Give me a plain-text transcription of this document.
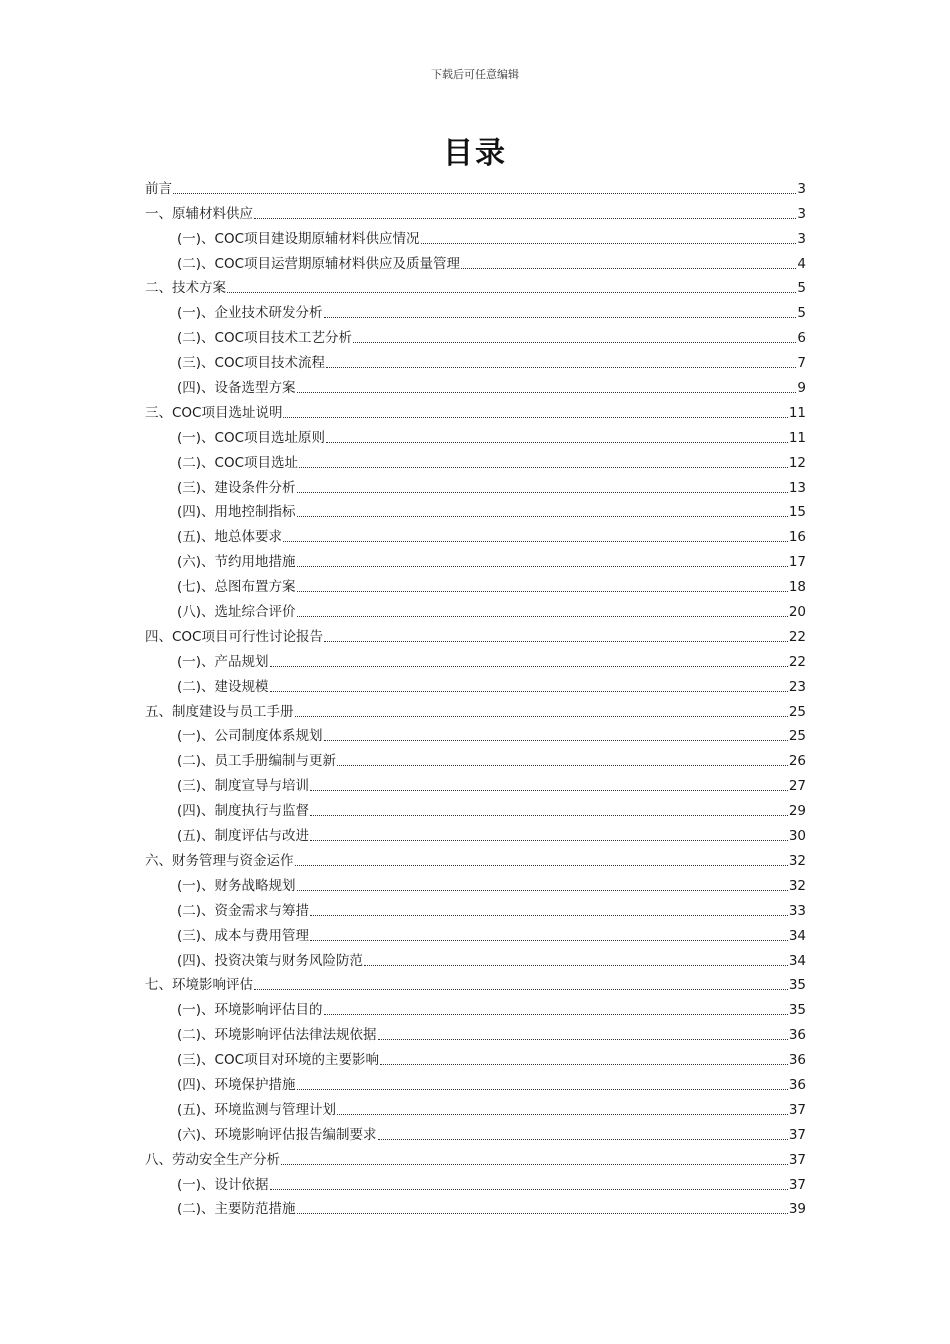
下载后可任意编辑
目录
前言	3
一、原辅材料供应	3
(一)、COC项目建设期原辅材料供应情况	3
(二)、COC项目运营期原辅材料供应及质量管理	4
二、技术方案	5
(一)、企业技术研发分析	5
(二)、COC项目技术工艺分析	6
(三)、COC项目技术流程	7
(四)、设备选型方案	9
三、COC项目选址说明	11
(一)、COC项目选址原则	11
(二)、COC项目选址	12
(三)、建设条件分析	13
(四)、用地控制指标	15
(五)、地总体要求	16
(六)、节约用地措施	17
(七)、总图布置方案	18
(八)、选址综合评价	20
四、COC项目可行性讨论报告	22
(一)、产品规划	22
(二)、建设规模	23
五、制度建设与员工手册	25
(一)、公司制度体系规划	25
(二)、员工手册编制与更新	26
(三)、制度宣导与培训	27
(四)、制度执行与监督	29
(五)、制度评估与改进	30
六、财务管理与资金运作	32
(一)、财务战略规划	32
(二)、资金需求与筹措	33
(三)、成本与费用管理	34
(四)、投资决策与财务风险防范	34
七、环境影响评估	35
(一)、环境影响评估目的	35
(二)、环境影响评估法律法规依据	36
(三)、COC项目对环境的主要影响	36
(四)、环境保护措施	36
(五)、环境监测与管理计划	37
(六)、环境影响评估报告编制要求	37
八、劳动安全生产分析	37
(一)、设计依据	37
(二)、主要防范措施	39
